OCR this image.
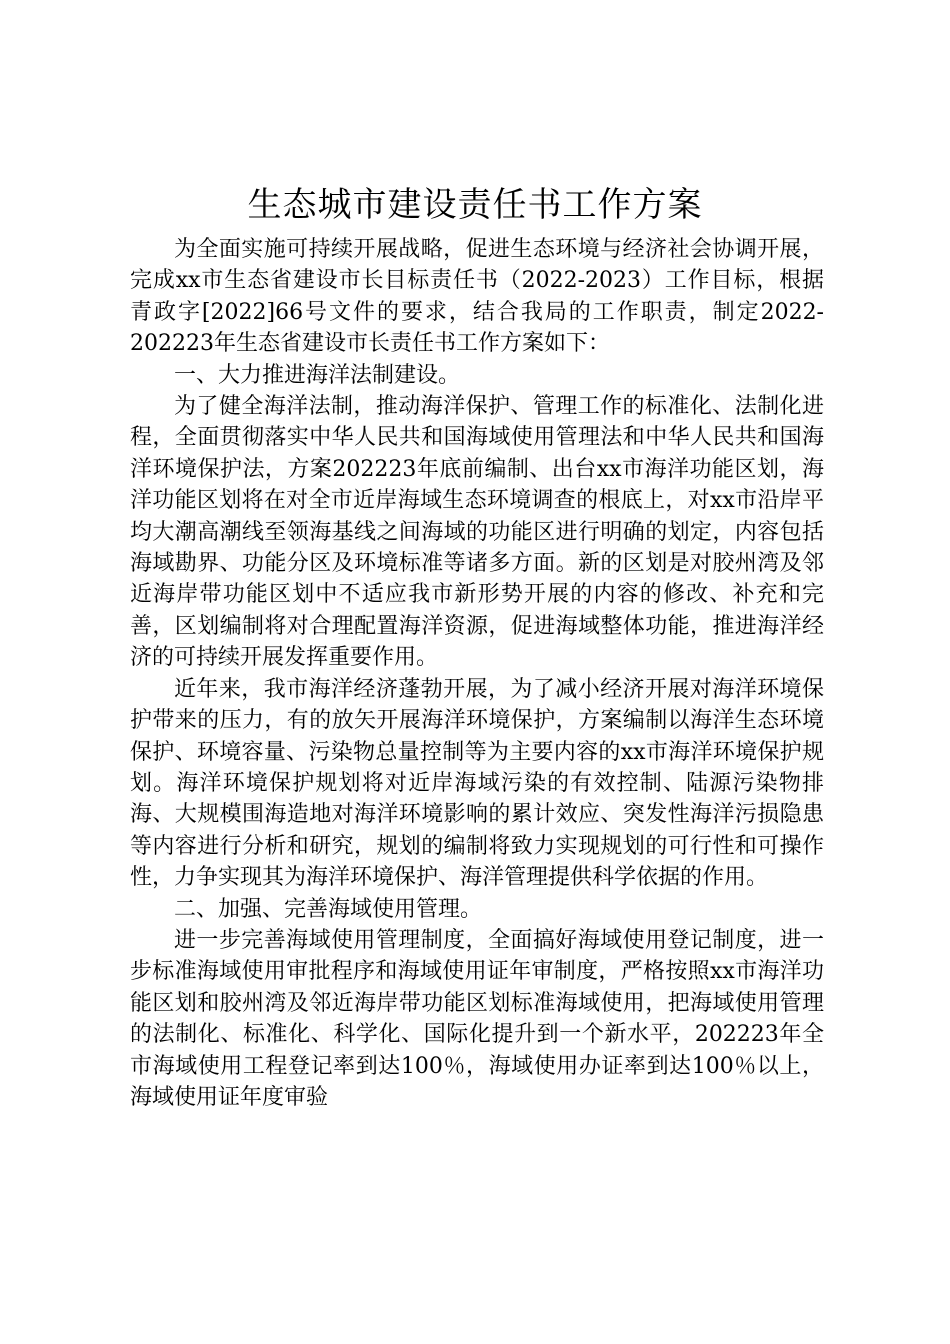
生态城市建设责任书工作方案

为全面实施可持续开展战略，促进生态环境与经济社会协调开展，完成xx市生态省建设市长目标责任书（2022-2023）工作目标，根据青政字[2022]66号文件的要求，结合我局的工作职责，制定2022-202223年生态省建设市长责任书工作方案如下：

一、大力推进海洋法制建设。

为了健全海洋法制，推动海洋保护、管理工作的标准化、法制化进程，全面贯彻落实中华人民共和国海域使用管理法和中华人民共和国海洋环境保护法，方案202223年底前编制、出台xx市海洋功能区划，海洋功能区划将在对全市近岸海域生态环境调查的根底上，对xx市沿岸平均大潮高潮线至领海基线之间海域的功能区进行明确的划定，内容包括海域勘界、功能分区及环境标准等诸多方面。新的区划是对胶州湾及邻近海岸带功能区划中不适应我市新形势开展的内容的修改、补充和完善，区划编制将对合理配置海洋资源，促进海域整体功能，推进海洋经济的可持续开展发挥重要作用。

近年来，我市海洋经济蓬勃开展，为了减小经济开展对海洋环境保护带来的压力，有的放矢开展海洋环境保护，方案编制以海洋生态环境保护、环境容量、污染物总量控制等为主要内容的xx市海洋环境保护规划。海洋环境保护规划将对近岸海域污染的有效控制、陆源污染物排海、大规模围海造地对海洋环境影响的累计效应、突发性海洋污损隐患等内容进行分析和研究，规划的编制将致力实现规划的可行性和可操作性，力争实现其为海洋环境保护、海洋管理提供科学依据的作用。

二、加强、完善海域使用管理。

进一步完善海域使用管理制度，全面搞好海域使用登记制度，进一步标准海域使用审批程序和海域使用证年审制度，严格按照xx市海洋功能区划和胶州湾及邻近海岸带功能区划标准海域使用，把海域使用管理的法制化、标准化、科学化、国际化提升到一个新水平，202223年全市海域使用工程登记率到达100％，海域使用办证率到达100％以上，海域使用证年度审验
